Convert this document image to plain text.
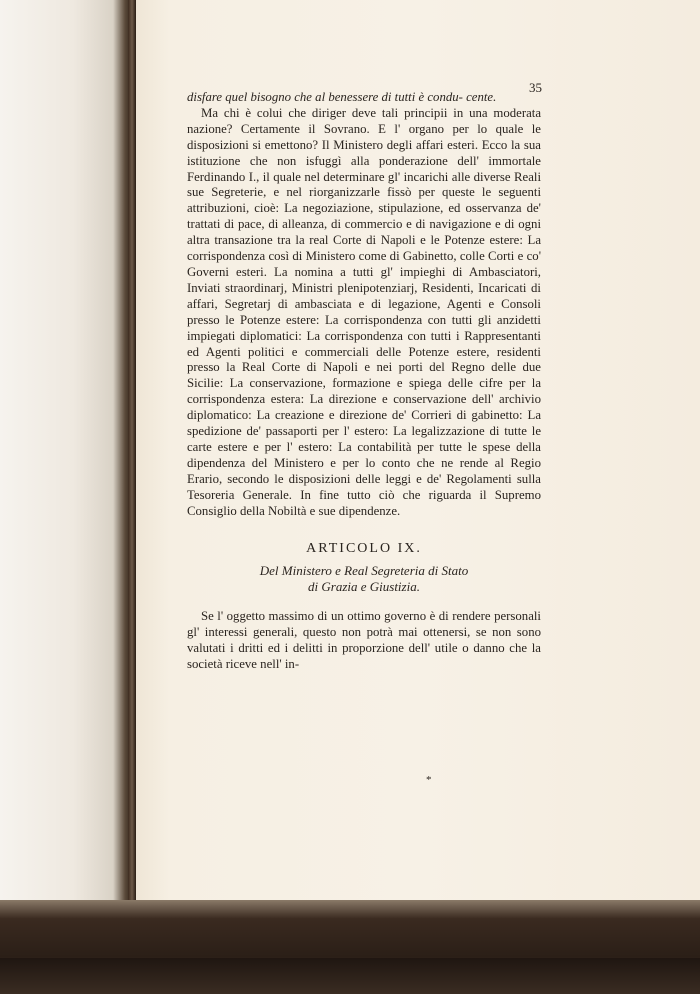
35

disfare quel bisogno che al benessere di tutti è condu- cente.

Ma chi è colui che diriger deve tali principii in una moderata nazione? Certamente il Sovrano. E l' organo per lo quale le disposizioni si emettono? Il Ministero degli affari esteri. Ecco la sua istituzione che non isfuggì alla ponderazione dell' immortale Ferdinando I., il quale nel determinare gl' incarichi alle diverse Reali sue Segreterie, e nel riorganizzarle fissò per queste le seguenti attribuzioni, cioè: La negoziazione, stipulazione, ed osservanza de' trattati di pace, di alleanza, di commercio e di navigazione e di ogni altra transazione tra la real Corte di Napoli e le Potenze estere: La corrispondenza così di Ministero come di Gabinetto, colle Corti e co' Governi esteri. La nomina a tutti gl' impieghi di Ambasciatori, Inviati straordinarj, Ministri plenipotenziarj, Residenti, Incaricati di affari, Segretarj di ambasciata e di legazione, Agenti e Consoli presso le Potenze estere: La corrispondenza con tutti gli anzidetti impiegati diplomatici: La corrispondenza con tutti i Rappresentanti ed Agenti politici e commerciali delle Potenze estere, residenti presso la Real Corte di Napoli e nei porti del Regno delle due Sicilie: La conservazione, formazione e spiega delle cifre per la corrispondenza estera: La direzione e conservazione dell' archivio diplomatico: La creazione e direzione de' Corrieri di gabinetto: La spedizione de' passaporti per l' estero: La legalizzazione di tutte le carte estere e per l' estero: La contabilità per tutte le spese della dipendenza del Ministero e per lo conto che ne rende al Regio Erario, secondo le disposizioni delle leggi e de' Regolamenti sulla Tesoreria Generale. In fine tutto ciò che riguarda il Supremo Consiglio della Nobiltà e sue dipendenze.

ARTICOLO IX.
Del Ministero e Real Segreteria di Stato
di Grazia e Giustizia.

Se l' oggetto massimo di un ottimo governo è di rendere personali gl' interessi generali, questo non potrà mai ottenersi, se non sono valutati i dritti ed i delitti in proporzione dell' utile o danno che la società riceve nell' in-

*
